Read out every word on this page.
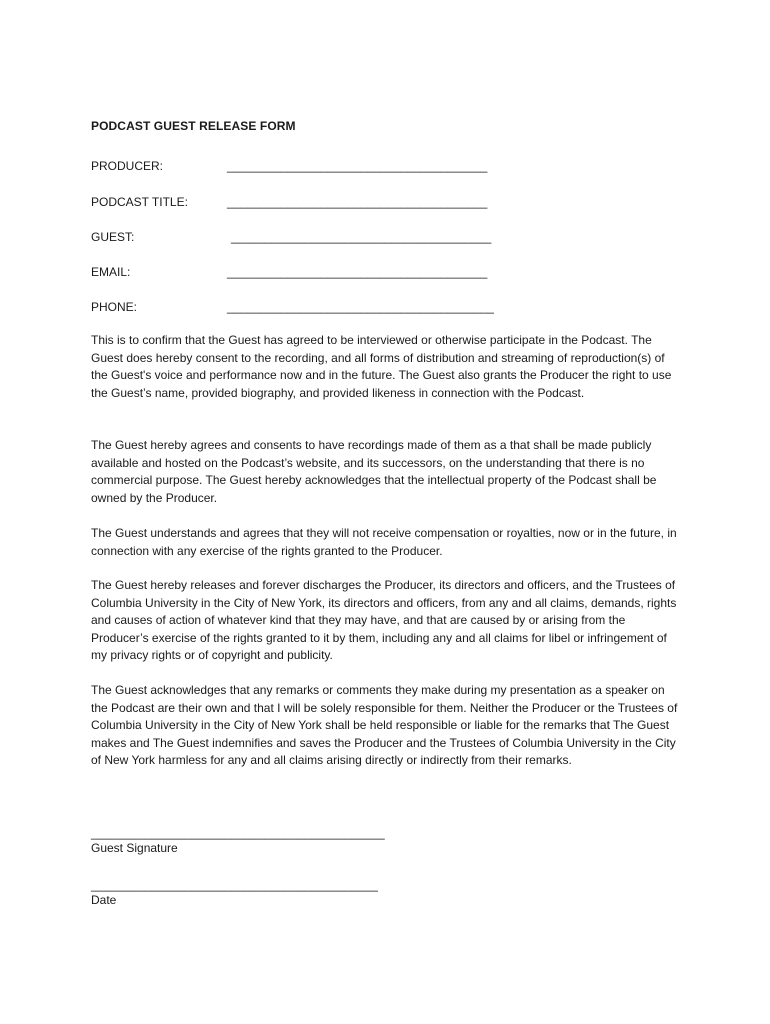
PODCAST GUEST RELEASE FORM
PRODUCER:	_______________________________________
PODCAST TITLE:	_______________________________________
GUEST:	_______________________________________
EMAIL:	_______________________________________
PHONE:	________________________________________

This is to confirm that the Guest has agreed to be interviewed or otherwise participate in the Podcast. The Guest does hereby consent to the recording, and all forms of distribution and streaming of reproduction(s) of the Guest's voice and performance now and in the future. The Guest also grants the Producer the right to use the Guest’s name, provided biography, and provided likeness in connection with the Podcast.

The Guest hereby agrees and consents to have recordings made of them as a that shall be made publicly available and hosted on the Podcast’s website, and its successors, on the understanding that there is no commercial purpose. The Guest hereby acknowledges that the intellectual property of the Podcast shall be owned by the Producer.

The Guest understands and agrees that they will not receive compensation or royalties, now or in the future, in connection with any exercise of the rights granted to the Producer.

The Guest hereby releases and forever discharges the Producer, its directors and officers, and the Trustees of Columbia University in the City of New York, its directors and officers, from any and all claims, demands, rights and causes of action of whatever kind that they may have, and that are caused by or arising from the Producer’s exercise of the rights granted to it by them, including any and all claims for libel or infringement of my privacy rights or of copyright and publicity.

The Guest acknowledges that any remarks or comments they make during my presentation as a speaker on the Podcast are their own and that I will be solely responsible for them. Neither the Producer or the Trustees of Columbia University in the City of New York shall be held responsible or liable for the remarks that The Guest makes and The Guest indemnifies and saves the Producer and the Trustees of Columbia University in the City of New York harmless for any and all claims arising directly or indirectly from their remarks.

____________________________________________
Guest Signature
___________________________________________
Date
